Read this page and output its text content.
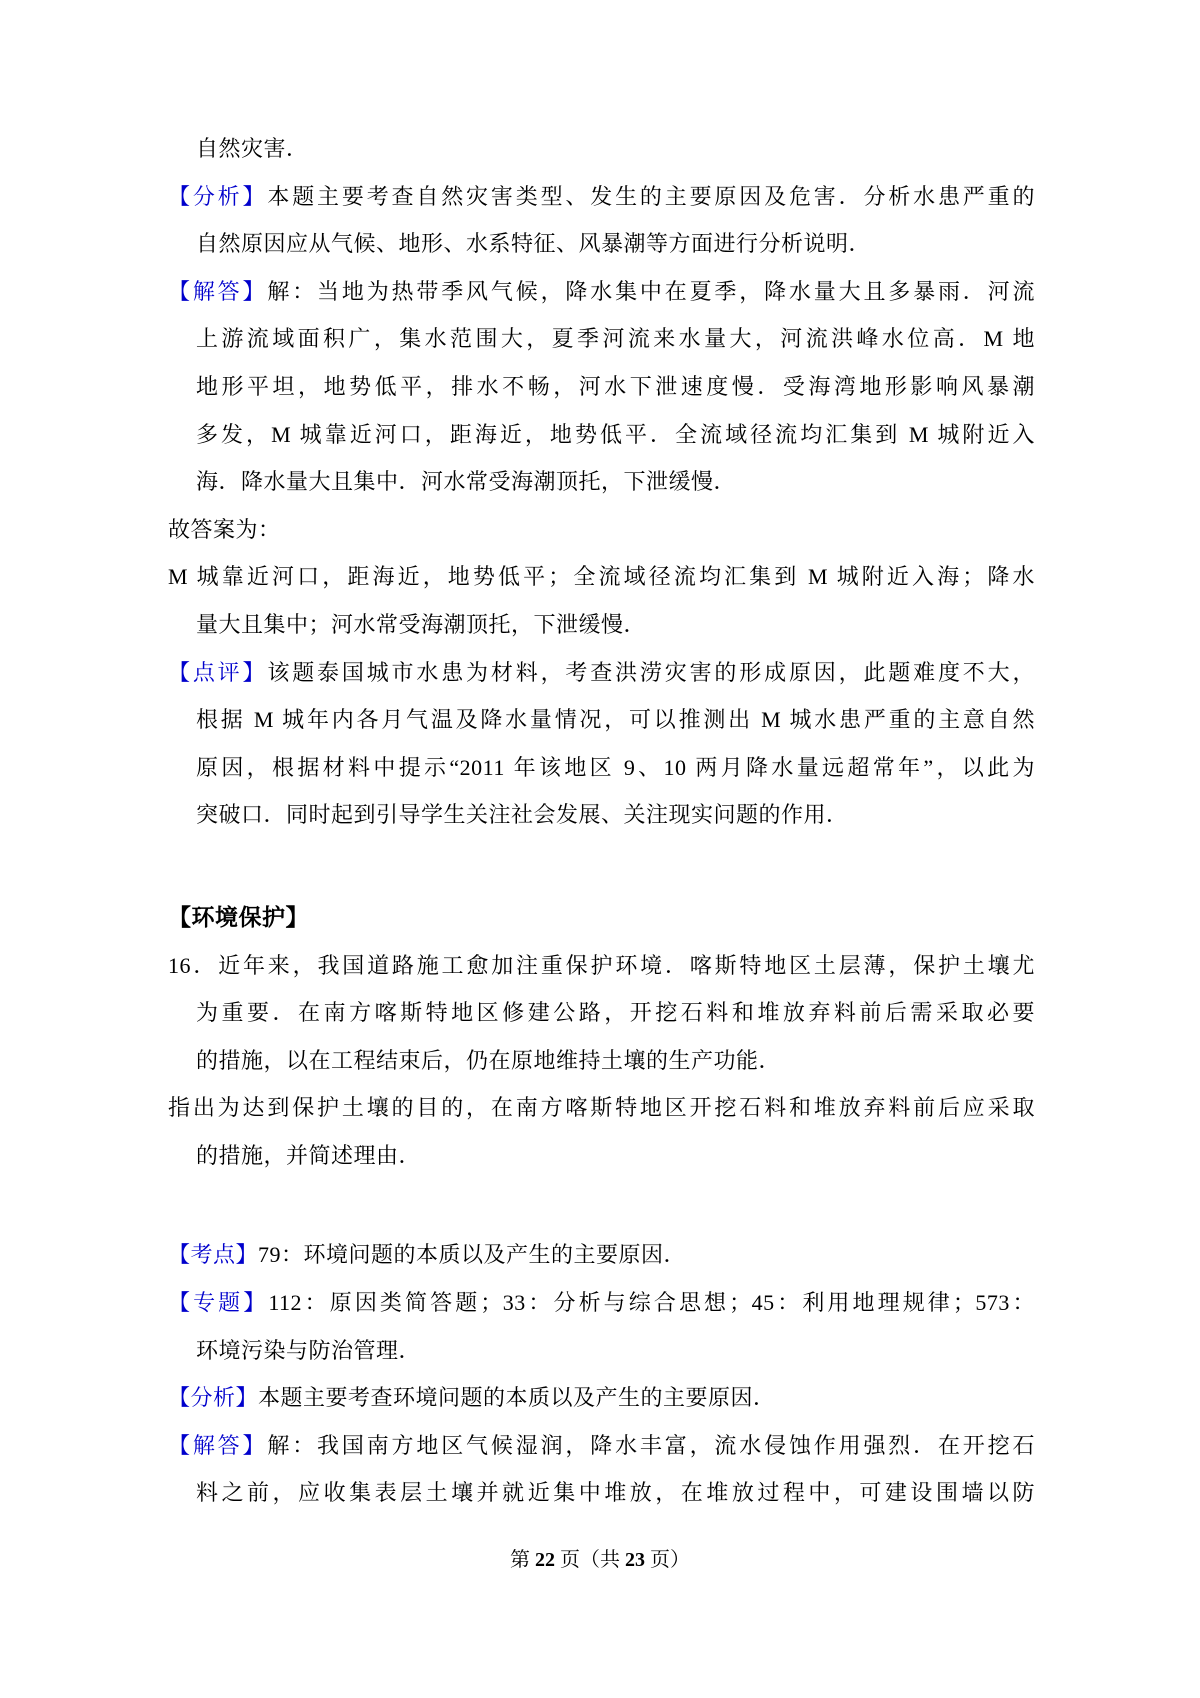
自然灾害．
【分析】本题主要考查自然灾害类型、发生的主要原因及危害．分析水患严重的
自然原因应从气候、地形、水系特征、风暴潮等方面进行分析说明．
【解答】解：当地为热带季风气候，降水集中在夏季，降水量大且多暴雨．河流
上游流域面积广，集水范围大，夏季河流来水量大，河流洪峰水位高．M 地
地形平坦，地势低平，排水不畅，河水下泄速度慢．受海湾地形影响风暴潮
多发，M 城靠近河口，距海近，地势低平．全流域径流均汇集到 M 城附近入
海．降水量大且集中．河水常受海潮顶托，下泄缓慢．
故答案为：
M 城靠近河口，距海近，地势低平；全流域径流均汇集到 M 城附近入海；降水
量大且集中；河水常受海潮顶托，下泄缓慢．
【点评】该题泰国城市水患为材料，考查洪涝灾害的形成原因，此题难度不大，
根据 M 城年内各月气温及降水量情况，可以推测出 M 城水患严重的主意自然
原因，根据材料中提示“2011 年该地区 9、10 两月降水量远超常年”，以此为
突破口．同时起到引导学生关注社会发展、关注现实问题的作用．
【环境保护】
16．近年来，我国道路施工愈加注重保护环境．喀斯特地区土层薄，保护土壤尤
为重要．在南方喀斯特地区修建公路，开挖石料和堆放弃料前后需采取必要
的措施，以在工程结束后，仍在原地维持土壤的生产功能．
指出为达到保护土壤的目的，在南方喀斯特地区开挖石料和堆放弃料前后应采取
的措施，并简述理由．
【考点】79：环境问题的本质以及产生的主要原因．
【专题】112：原因类简答题；33：分析与综合思想；45：利用地理规律；573：
环境污染与防治管理．
【分析】本题主要考查环境问题的本质以及产生的主要原因．
【解答】解：我国南方地区气候湿润，降水丰富，流水侵蚀作用强烈．在开挖石
料之前，应收集表层土壤并就近集中堆放，在堆放过程中，可建设围墙以防
第 22 页（共 23 页）
